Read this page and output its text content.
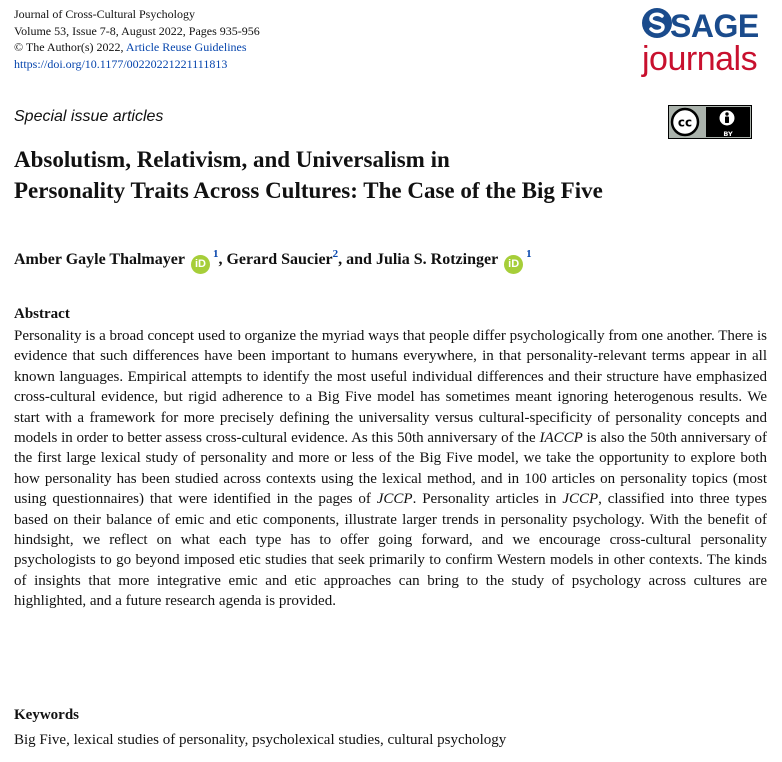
Journal of Cross-Cultural Psychology
Volume 53, Issue 7-8, August 2022, Pages 935-956
© The Author(s) 2022, Article Reuse Guidelines
https://doi.org/10.1177/00220221221111813
SAGE
journals
Special issue articles	cc
BY
Absolutism, Relativism, and Universalism in
Personality Traits Across Cultures: The Case of the Big Five
Amber Gayle Thalmayer $iD^1$, Gerard Saucier$^2$, and Julia S. Rotzinger $iD^1$
Abstract

Personality is a broad concept used to organize the myriad ways that people differ psychologically from one another. There is evidence that such differences have been important to humans everywhere, in that personality-relevant terms appear in all known languages. Empirical attempts to identify the most useful individual differences and their structure have emphasized cross-cultural evidence, but rigid adherence to a Big Five model has sometimes meant ignoring heterogenous results. We start with a framework for more precisely defining the universality versus cultural-specificity of personality concepts and models in order to better assess cross-cultural evidence. As this 50th anniversary of the IACCP is also the 50th anniversary of the first large lexical study of personality and more or less of the Big Five model, we take the opportunity to explore both how personality has been studied across contexts using the lexical method, and in 100 articles on personality topics (most using questionnaires) that were identified in the pages of JCCP. Personality articles in JCCP, classified into three types based on their balance of emic and etic components, illustrate larger trends in personality psychology. With the benefit of hindsight, we reflect on what each type has to offer going forward, and we encourage cross-cultural personality psychologists to go beyond imposed etic studies that seek primarily to confirm Western models in other contexts. The kinds of insights that more integrative emic and etic approaches can bring to the study of psychology across cultures are highlighted, and a future research agenda is provided.

Keywords
Big Five, lexical studies of personality, psycholexical studies, cultural psychology
